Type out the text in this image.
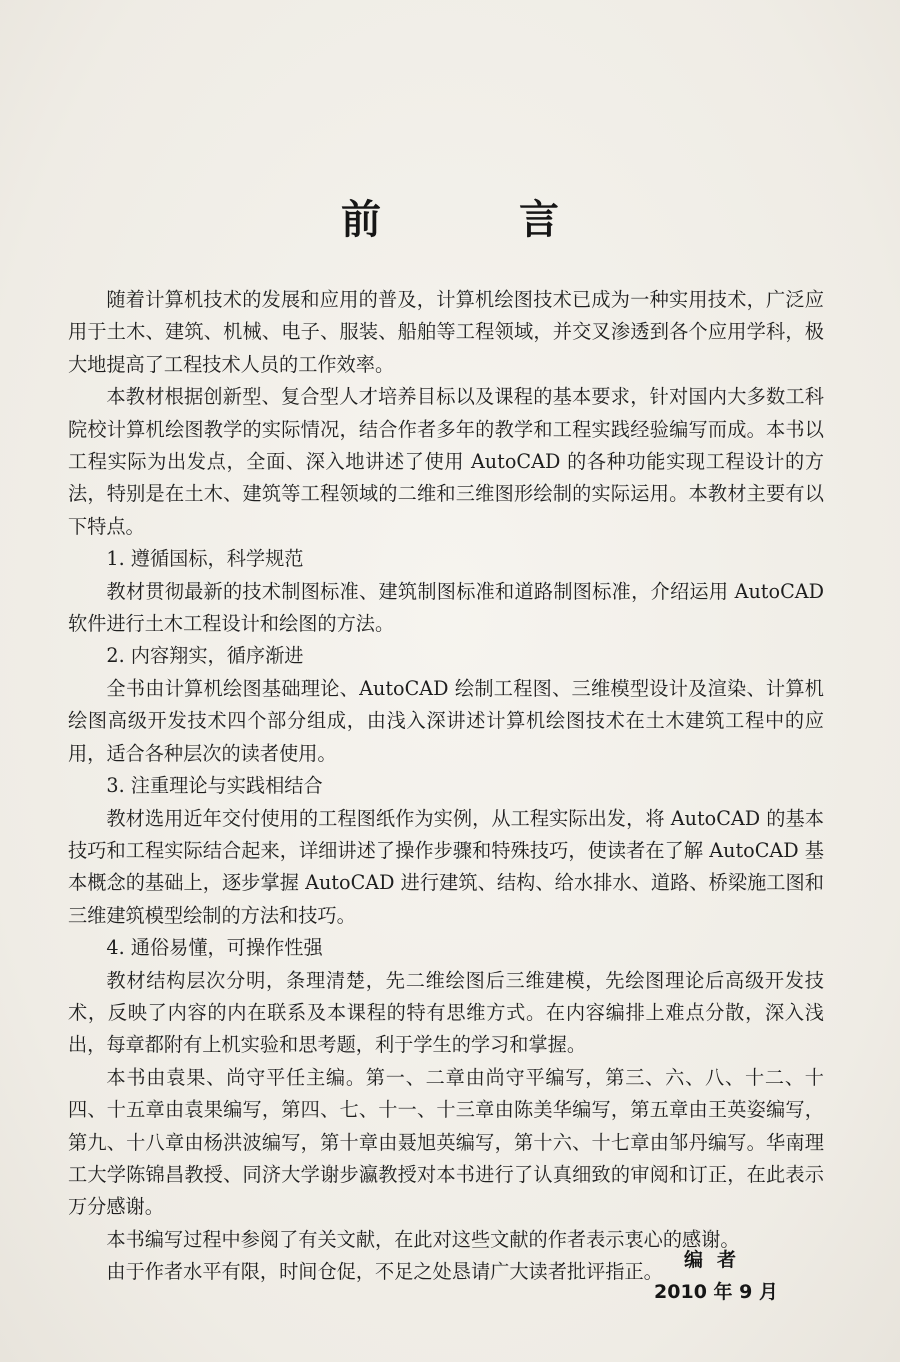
前 言

随着计算机技术的发展和应用的普及，计算机绘图技术已成为一种实用技术，广泛应用于土木、建筑、机械、电子、服装、船舶等工程领域，并交叉渗透到各个应用学科，极大地提高了工程技术人员的工作效率。

本教材根据创新型、复合型人才培养目标以及课程的基本要求，针对国内大多数工科院校计算机绘图教学的实际情况，结合作者多年的教学和工程实践经验编写而成。本书以工程实际为出发点，全面、深入地讲述了使用 AutoCAD 的各种功能实现工程设计的方法，特别是在土木、建筑等工程领域的二维和三维图形绘制的实际运用。本教材主要有以下特点。

1. 遵循国标，科学规范

教材贯彻最新的技术制图标准、建筑制图标准和道路制图标准，介绍运用 AutoCAD 软件进行土木工程设计和绘图的方法。

2. 内容翔实，循序渐进

全书由计算机绘图基础理论、AutoCAD 绘制工程图、三维模型设计及渲染、计算机绘图高级开发技术四个部分组成，由浅入深讲述计算机绘图技术在土木建筑工程中的应用，适合各种层次的读者使用。

3. 注重理论与实践相结合

教材选用近年交付使用的工程图纸作为实例，从工程实际出发，将 AutoCAD 的基本技巧和工程实际结合起来，详细讲述了操作步骤和特殊技巧，使读者在了解 AutoCAD 基本概念的基础上，逐步掌握 AutoCAD 进行建筑、结构、给水排水、道路、桥梁施工图和三维建筑模型绘制的方法和技巧。

4. 通俗易懂，可操作性强

教材结构层次分明，条理清楚，先二维绘图后三维建模，先绘图理论后高级开发技术，反映了内容的内在联系及本课程的特有思维方式。在内容编排上难点分散，深入浅出，每章都附有上机实验和思考题，利于学生的学习和掌握。

本书由袁果、尚守平任主编。第一、二章由尚守平编写，第三、六、八、十二、十四、十五章由袁果编写，第四、七、十一、十三章由陈美华编写，第五章由王英姿编写，第九、十八章由杨洪波编写，第十章由聂旭英编写，第十六、十七章由邹丹编写。华南理工大学陈锦昌教授、同济大学谢步瀛教授对本书进行了认真细致的审阅和订正，在此表示万分感谢。

本书编写过程中参阅了有关文献，在此对这些文献的作者表示衷心的感谢。

由于作者水平有限，时间仓促，不足之处恳请广大读者批评指正。

编者
2010 年 9 月
